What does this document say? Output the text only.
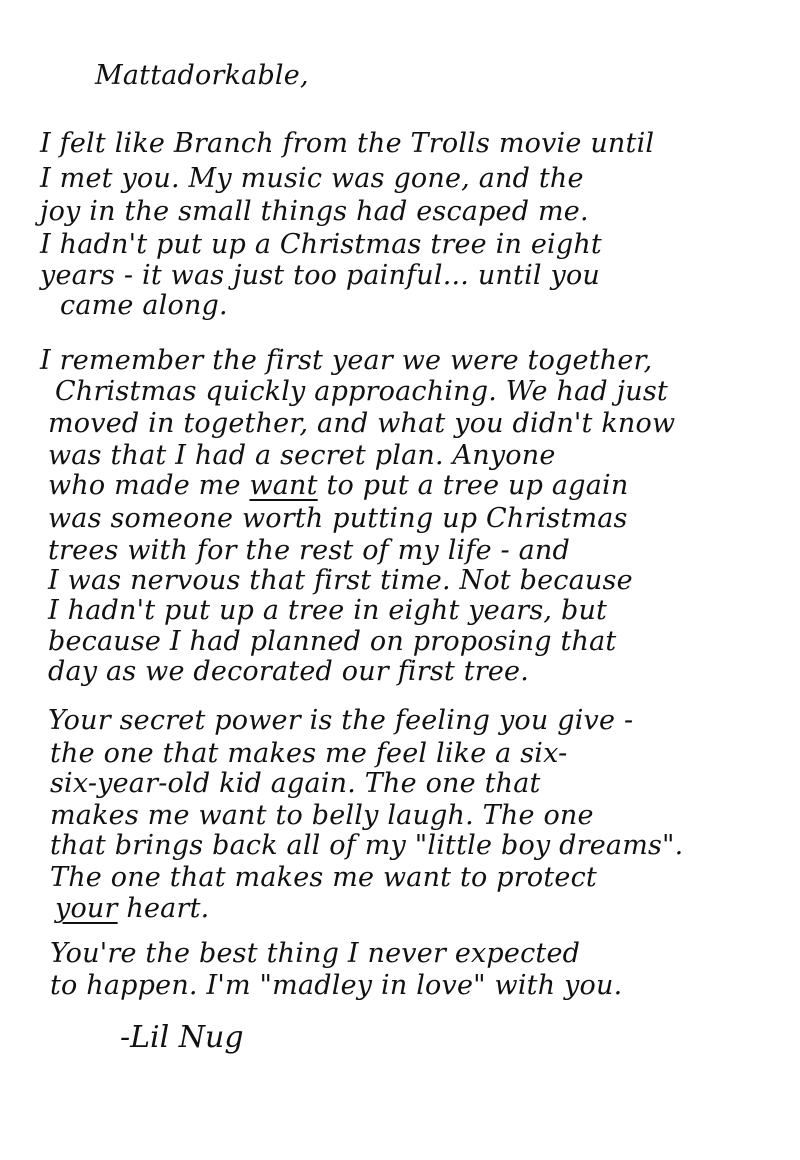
Mattadorkable,
I felt like Branch from the Trolls movie until
I met you. My music was gone, and the
joy in the small things had escaped me.
I hadn't put up a Christmas tree in eight
years - it was just too painful... until you
came along.
I remember the first year we were together,
Christmas quickly approaching. We had just
moved in together, and what you didn't know
was that I had a secret plan. Anyone
who made me want to put a tree up again
was someone worth putting up Christmas
trees with for the rest of my life - and
I was nervous that first time. Not because
I hadn't put up a tree in eight years, but
because I had planned on proposing that
day as we decorated our first tree.
Your secret power is the feeling you give -
the one that makes me feel like a six-
six-year-old kid again. The one that
makes me want to belly laugh. The one
that brings back all of my "little boy dreams".
The one that makes me want to protect
your heart.
You're the best thing I never expected
to happen. I'm "madley in love" with you.
-Lil Nug
